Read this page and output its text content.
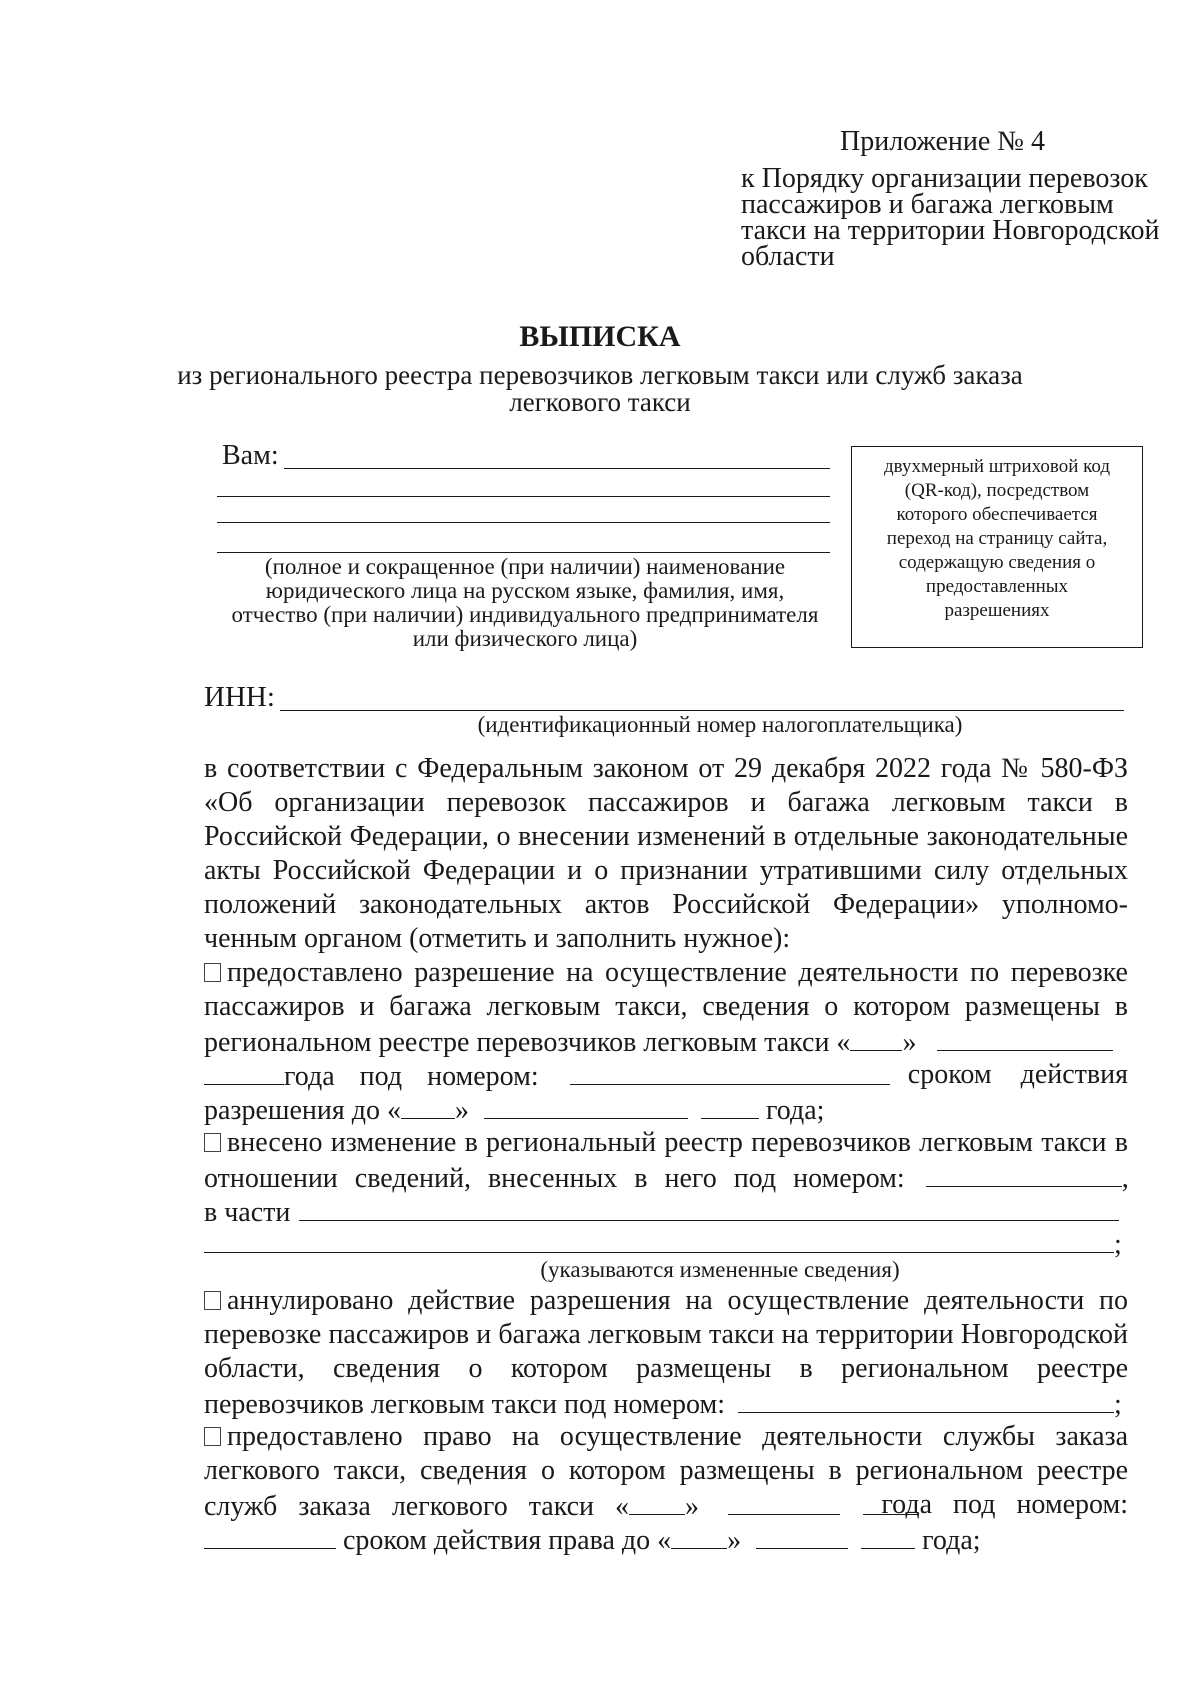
Приложение № 4
к Порядку организации перевозок
пассажиров и багажа легковым
такси на территории Новгородской
области
ВЫПИСКА
из регионального реестра перевозчиков легковым такси или служб заказа
легкового такси
Вам:
(полное и сокращенное (при наличии) наименование
юридического лица на русском языке, фамилия, имя,
отчество (при наличии) индивидуального предпринимателя
или физического лица)
двухмерный штриховой код
(QR-код), посредством
которого обеспечивается
переход на страницу сайта,
содержащую сведения о
предоставленных
разрешениях
ИНН:
(идентификационный номер налогоплательщика)
в соответствии с Федеральным законом от 29 декабря 2022 года № 580-ФЗ
«Об организации перевозок пассажиров и багажа легковым такси в
Российской Федерации, о внесении изменений в отдельные законодательные
акты Российской Федерации и о признании утратившими силу отдельных
положений законодательных актов Российской Федерации» уполномо-
ченным органом (отметить и заполнить нужное):
предоставлено разрешение на осуществление деятельности по перевозке
пассажиров и багажа легковым такси, сведения о котором размещены в
региональном реестре перевозчиков легковым такси « »
года под номером:	сроком действия
разрешения до « »	года;
внесено изменение в региональный реестр перевозчиков легковым такси в
отношении сведений, внесенных в него под номером:	,
в части
;
(указываются измененные сведения)
аннулировано действие разрешения на осуществление деятельности по
перевозке пассажиров и багажа легковым такси на территории Новгородской
области, сведения о котором размещены в региональном реестре
перевозчиков легковым такси под номером:	;
предоставлено право на осуществление деятельности службы заказа
легкового такси, сведения о котором размещены в региональном реестре
служб заказа легкового такси « »	года под номером:
сроком действия права до « »	года;
